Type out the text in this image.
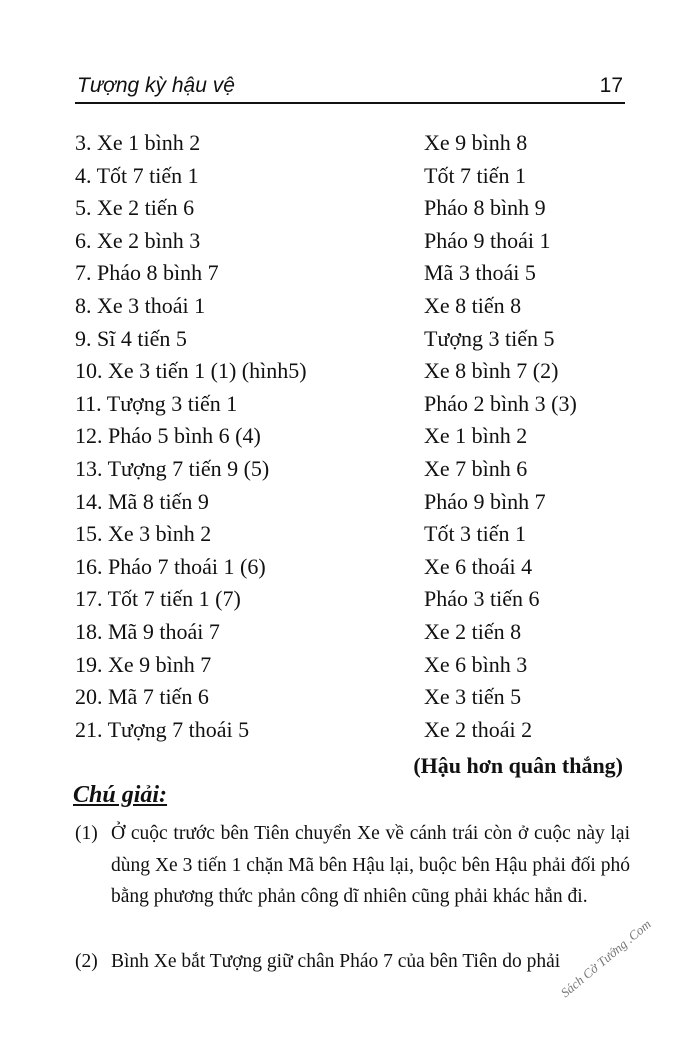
Tượng kỳ hậu vệ	17
3. Xe 1 bình 2	Xe 9 bình 8
4. Tốt 7 tiến 1	Tốt 7 tiến 1
5. Xe 2 tiến 6	Pháo 8 bình 9
6. Xe 2 bình 3	Pháo 9 thoái 1
7. Pháo 8 bình 7	Mã 3 thoái 5
8. Xe 3 thoái 1	Xe 8 tiến 8
9. Sĩ 4 tiến 5	Tượng 3 tiến 5
10. Xe 3 tiến 1 (1) (hình5)	Xe 8 bình 7 (2)
11. Tượng 3 tiến 1	Pháo 2 bình 3 (3)
12. Pháo 5 bình 6 (4)	Xe 1 bình 2
13. Tượng 7 tiến 9 (5)	Xe 7 bình 6
14. Mã 8 tiến 9	Pháo 9 bình 7
15. Xe 3 bình 2	Tốt 3 tiến 1
16. Pháo 7 thoái 1 (6)	Xe 6 thoái 4
17. Tốt 7 tiến 1 (7)	Pháo 3 tiến 6
18. Mã 9 thoái 7	Xe 2 tiến 8
19. Xe 9 bình 7	Xe 6 bình 3
20. Mã 7 tiến 6	Xe 3 tiến 5
21. Tượng 7 thoái 5	Xe 2 thoái 2
(Hậu hơn quân thắng)
Chú giải:
(1) Ở cuộc trước bên Tiên chuyển Xe về cánh trái còn ở cuộc này lại dùng Xe 3 tiến 1 chặn Mã bên Hậu lại, buộc bên Hậu phải đối phó bằng phương thức phản công dĩ nhiên cũng phải khác hẳn đi.
(2) Bình Xe bắt Tượng giữ chân Pháo 7 của bên Tiên do phải
Sách Cờ Tướng .Com
